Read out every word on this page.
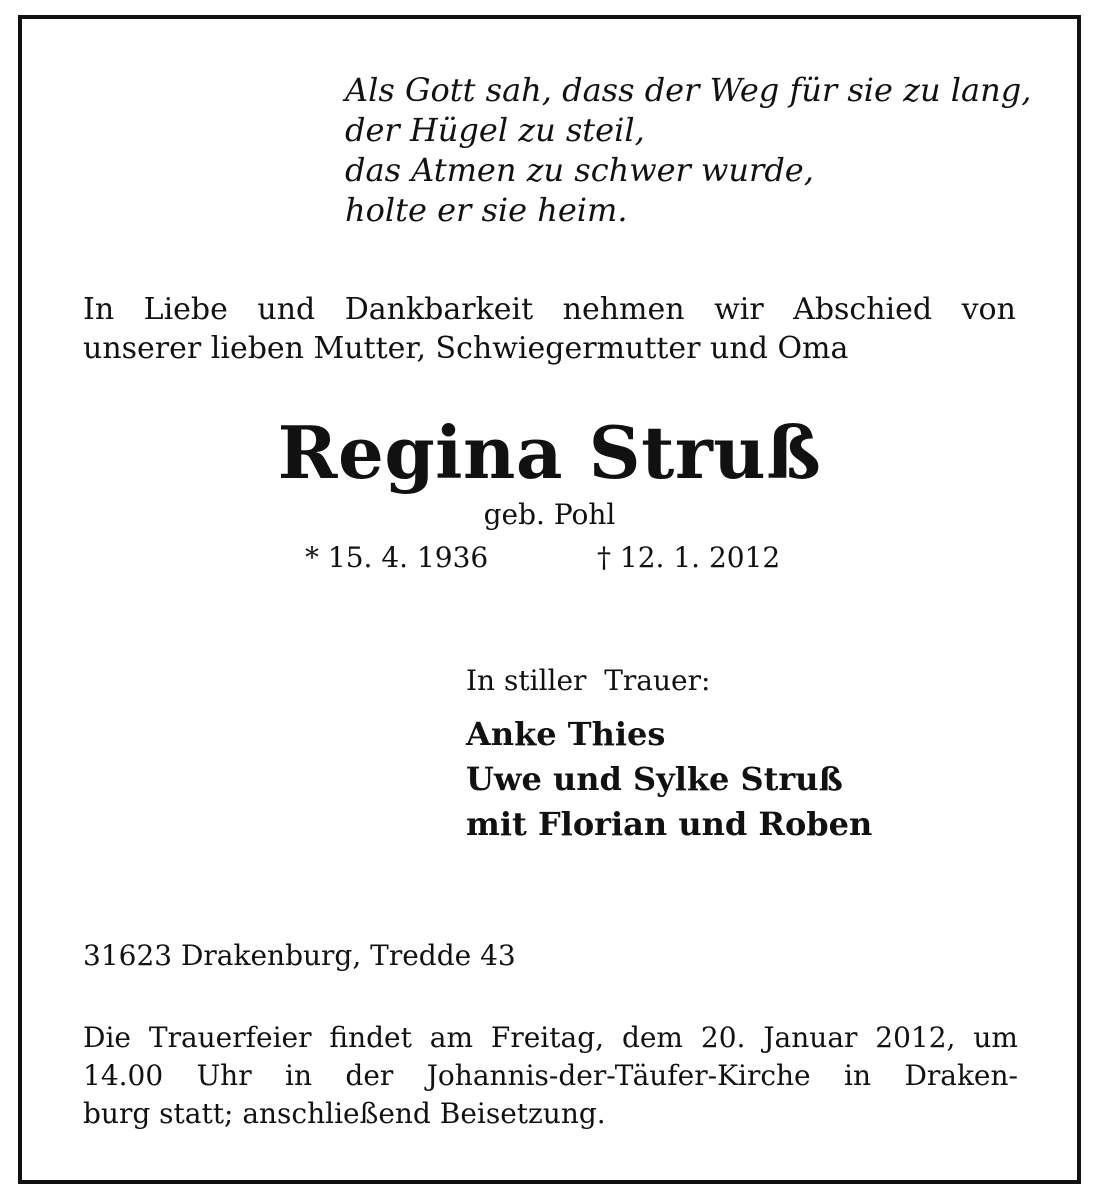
Als Gott sah, dass der Weg für sie zu lang,
der Hügel zu steil,
das Atmen zu schwer wurde,
holte er sie heim.
In Liebe und Dankbarkeit nehmen wir Abschied von
unserer lieben Mutter, Schwiegermutter und Oma
Regina Struß
geb. Pohl
* 15. 4. 1936	† 12. 1. 2012
In stiller  Trauer:
Anke Thies
Uwe und Sylke Struß
mit Florian und Roben
31623 Drakenburg, Tredde 43
Die Trauerfeier findet am Freitag, dem 20. Januar 2012, um
14.00 Uhr in der Johannis-der-Täufer-Kirche in Draken-
burg statt; anschließend Beisetzung.
